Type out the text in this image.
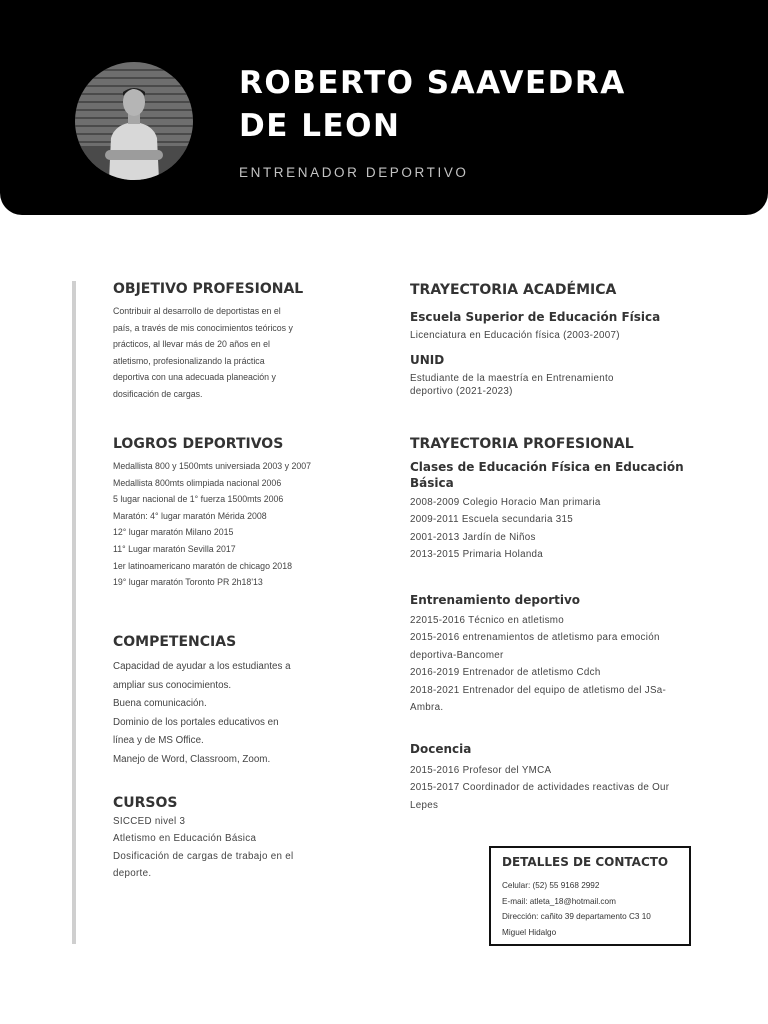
ROBERTO SAAVEDRA
DE LEON
ENTRENADOR DEPORTIVO
OBJETIVO PROFESIONAL
Contribuir al desarrollo de deportistas en el
país, a través de mis conocimientos teóricos y
prácticos, al llevar más de 20 años en el
atletismo, profesionalizando la práctica
deportiva con una adecuada planeación y
dosificación de cargas.
LOGROS DEPORTIVOS
Medallista 800 y 1500mts universiada 2003 y 2007
Medallista 800mts olimpiada nacional 2006
5 lugar nacional de 1° fuerza 1500mts 2006
Maratón: 4° lugar maratón Mérida 2008
12° lugar maratón Milano 2015
11° Lugar maratón Sevilla 2017
1er latinoamericano maratón de chicago 2018
19° lugar maratón Toronto PR 2h18'13
COMPETENCIAS
Capacidad de ayudar a los estudiantes a
ampliar sus conocimientos.
Buena comunicación.
Dominio de los portales educativos en
línea y de MS Office.
Manejo de Word, Classroom, Zoom.
CURSOS
SICCED nivel 3
Atletismo en Educación Básica
Dosificación de cargas de trabajo en el
deporte.
TRAYECTORIA ACADÉMICA
Escuela Superior de Educación Física
Licenciatura en Educación física (2003-2007)
UNID
Estudiante de la maestría en Entrenamiento
deportivo (2021-2023)
TRAYECTORIA PROFESIONAL
Clases de Educación Física en Educación
Básica
2008-2009 Colegio Horacio Man primaria
2009-2011 Escuela secundaria 315
2001-2013 Jardín de Niños
2013-2015 Primaria Holanda
Entrenamiento deportivo
22015-2016 Técnico en atletismo
2015-2016 entrenamientos de atletismo para emoción
deportiva-Bancomer
2016-2019 Entrenador de atletismo Cdch
2018-2021 Entrenador del equipo de atletismo del JSa-
Ambra.
Docencia
2015-2016 Profesor del YMCA
2015-2017 Coordinador de actividades reactivas de Our
Lepes
DETALLES DE CONTACTO
Celular: (52) 55 9168 2992
E-mail: atleta_18@hotmail.com
Dirección: cañito 39 departamento C3 10
Miguel Hidalgo
